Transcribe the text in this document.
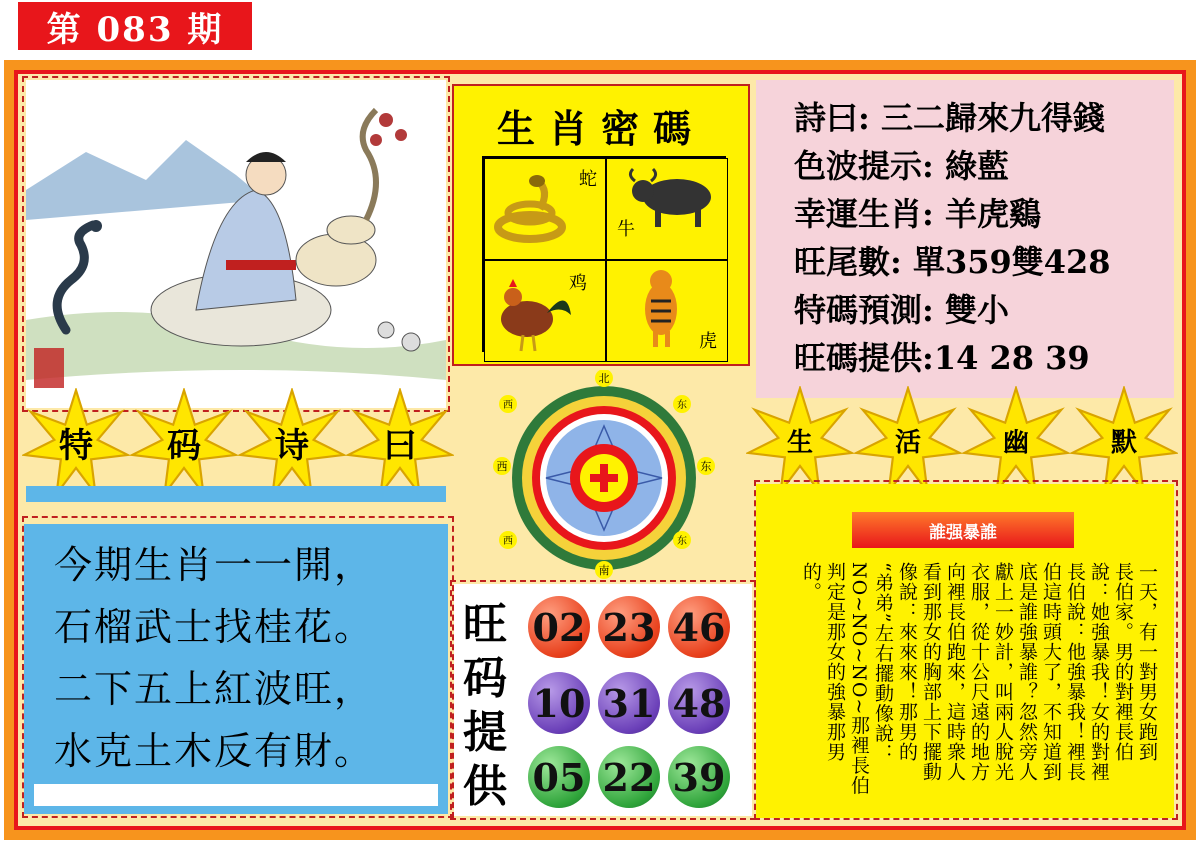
第 083 期
特 码 诗 曰
今期生肖一一開，
石榴武士找桂花。
二下五上紅波旺，
水克土木反有財。
生肖密碼
蛇
牛
鸡
虎
詩曰: 三二歸來九得錢
色波提示: 綠藍
幸運生肖: 羊虎鷄
旺尾數: 單359雙428
特碼預測: 雙小
旺碼提供:14 28 39
生	活	幽	默
北
东
南
西
西	东
西	东
旺
码
提
供
02 23 46
10 31 48
05 22 39
誰强暴誰
一天，有一對男女跑到
長伯家。男的對裡長伯
說：她強暴我！女的對裡
長伯說：他強暴我！裡長
伯這時頭大了，不知道到
底是誰強暴誰？忽然旁人
獻上一妙計，叫兩人脫光
衣服，從十公尺遠的地方
向裡長伯跑來，這時衆人
看到那女的胸部上下擺動
像說：來來來！那男的
“弟弟”左右擺動像說：
NO~NO~NO~那裡長伯
判定是那女的強暴那男
的。
